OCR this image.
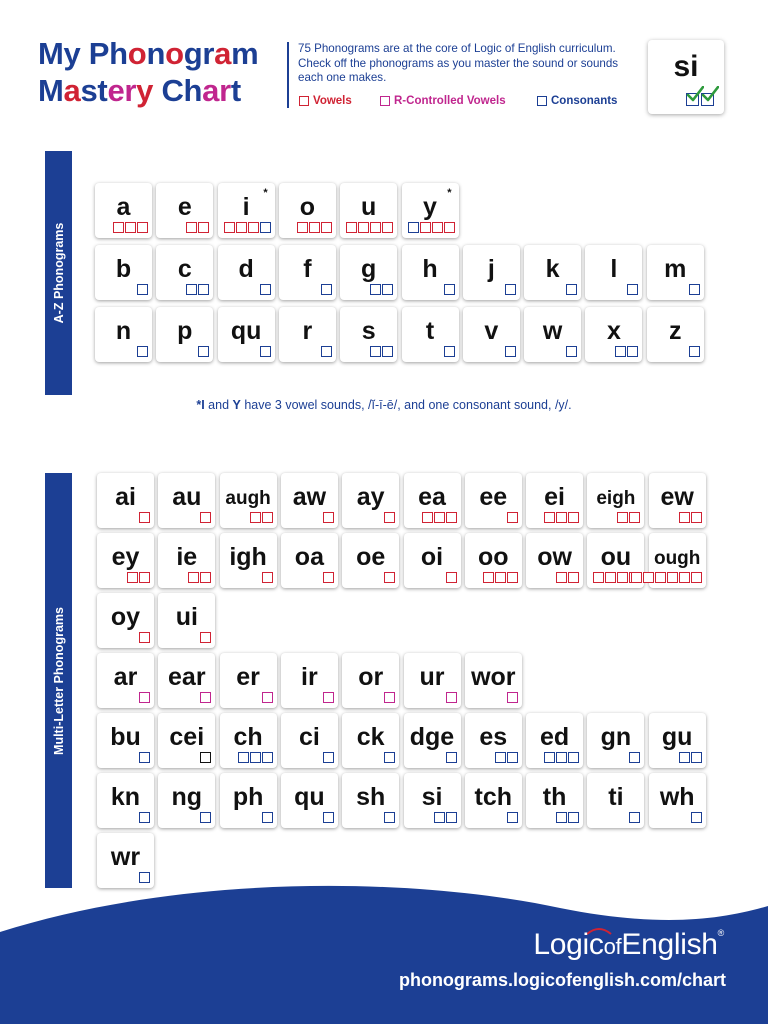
My Phonogram
Mastery Chart
75 Phonograms are at the core of Logic of English curriculum. Check off the phonograms as you master the sound or sounds each one makes.
Vowels	R-Controlled Vowels	Consonants
si
A-Z Phonograms
Multi-Letter Phonograms
a	e	i	*	o	u	y *
b	c	d	f	g	h	j	k	l	m
n	p	qu	r	s	t	v	w	x	z
ai	au	augh aw	ay	ea	ee	ei	eigh	ew
ey	ie	igh	oa	oe	oi	oo	ow	ou	ough
oy	ui
ar	ear	er	ir	or	ur	wor
bu	cei	ch	ci	ck	dge	es	ed	gn	gu
kn	ng	ph	qu	sh	si	tch	th	ti	wh
wr
*I and Y have 3 vowel sounds, /ĭ-ī-ē/, and one consonant sound, /y/.
LogicofEnglish®
phonograms.logicofenglish.com/chart
